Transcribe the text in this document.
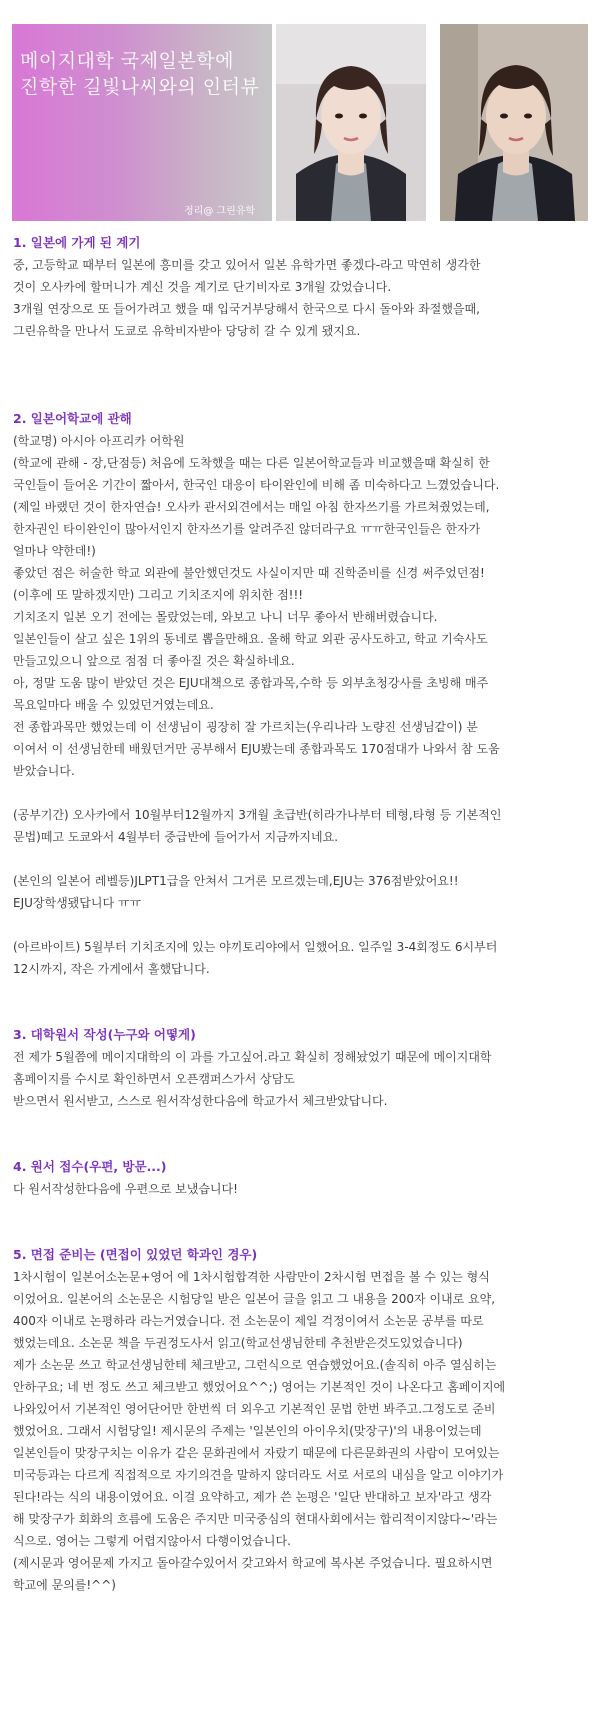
메이지대학 국제일본학에
진학한 길빛나씨와의 인터뷰
정리@ 그린유학
1. 일본에 가게 된 계기
중, 고등학교 때부터 일본에 흥미를 갖고 있어서 일본 유학가면 좋겠다-라고 막연히 생각한
것이 오사카에 할머니가 계신 것을 계기로 단기비자로 3개월 갔었습니다.
3개월 연장으로 또 들어가려고 했을 때 입국거부당해서 한국으로 다시 돌아와 좌절했을때,
그린유학을 만나서 도쿄로 유학비자받아 당당히 갈 수 있게 됐지요.
2. 일본어학교에 관해
(학교명) 아시아 아프리카 어학원
(학교에 관해 - 장,단점등) 처음에 도착했을 때는 다른 일본어학교들과 비교했을때 확실히 한
국인들이 들어온 기간이 짧아서, 한국인 대응이 타이완인에 비해 좀 미숙하다고 느꼈었습니다.
(제일 바랬던 것이 한자연습! 오사카 관서외견에서는 매일 아침 한자쓰기를 가르쳐줬었는데,
한자권인 타이완인이 많아서인지 한자쓰기를 알려주진 않더라구요 ㅠㅠ한국인들은 한자가
얼마나 약한데!)
좋았던 점은 허술한 학교 외관에 불안했던것도 사실이지만 때 진학준비를 신경 써주었던점!
(이후에 또 말하겠지만) 그리고 기치조지에 위치한 점!!!
기치조지 일본 오기 전에는 몰랐었는데, 와보고 나니 너무 좋아서 반해버렸습니다.
일본인들이 살고 싶은 1위의 동네로 뽑을만해요. 올해 학교 외관 공사도하고, 학교 기숙사도
만들고있으니 앞으로 점점 더 좋아질 것은 확실하네요.
아, 정말 도움 많이 받았던 것은 EJU대책으로 종합과목,수학 등 외부초청강사를 초빙해 매주
목요일마다 배울 수 있었던거였는데요.
전 종합과목만 했었는데 이 선생님이 굉장히 잘 가르치는(우리나라 노량진 선생님같이) 분
이여서 이 선생님한테 배웠던거만 공부해서 EJU봤는데 종합과목도 170점대가 나와서 참 도움
받았습니다.
(공부기간) 오사카에서 10월부터12월까지 3개월 초급반(히라가나부터 테형,타형 등 기본적인
문법)떼고 도쿄와서 4월부터 중급반에 들어가서 지금까지네요.
(본인의 일본어 레벨등)JLPT1급을 안쳐서 그거론 모르겠는데,EJU는 376점받았어요!!
EJU장학생됐답니다 ㅠㅠ
(아르바이트) 5월부터 기치조지에 있는 야끼토리야에서 일했어요. 일주일 3-4회정도 6시부터
12시까지, 작은 가게에서 홀했답니다.
3. 대학원서 작성(누구와 어떻게)
전 제가 5월쯤에 메이지대학의 이 과를 가고싶어.라고 확실히 정해놨었기 때문에 메이지대학
홈페이지를 수시로 확인하면서 오픈캠퍼스가서 상담도
받으면서 원서받고, 스스로 원서작성한다음에 학교가서 체크받았답니다.
4. 원서 접수(우편, 방문...)
다 원서작성한다음에 우편으로 보냈습니다!
5. 면접 준비는 (면접이 있었던 학과인 경우)
1차시험이 일본어소논문+영어 에 1차시험합격한 사람만이 2차시험 면접을 볼 수 있는 형식
이었어요. 일본어의 소논문은 시험당일 받은 일본어 글을 읽고 그 내용을 200자 이내로 요약,
400자 이내로 논평하라 라는거였습니다. 전 소논문이 제일 걱정이여서 소논문 공부를 따로
했었는데요. 소논문 책을 두권정도사서 읽고(학교선생님한테 추천받은것도있었습니다)
제가 소논문 쓰고 학교선생님한테 체크받고, 그런식으로 연습했었어요.(솔직히 아주 열심히는
안하구요; 네 번 정도 쓰고 체크받고 했었어요^^;) 영어는 기본적인 것이 나온다고 홈페이지에
나와있어서 기본적인 영어단어만 한번씩 더 외우고 기본적인 문법 한번 봐주고.그정도로 준비
했었어요. 그래서 시험당일! 제시문의 주제는 '일본인의 아이우치(맞장구)'의 내용이었는데
일본인들이 맞장구치는 이유가 같은 문화권에서 자랐기 때문에 다른문화권의 사람이 모여있는
미국등과는 다르게 직접적으로 자기의견을 말하지 않더라도 서로 서로의 내심을 알고 이야기가
된다!라는 식의 내용이였어요. 이걸 요약하고, 제가 쓴 논평은 '일단 반대하고 보자'라고 생각
해 맞장구가 회화의 흐름에 도움은 주지만 미국중심의 현대사회에서는 합리적이지않다~'라는
식으로. 영어는 그렇게 어렵지않아서 다행이었습니다.
(제시문과 영어문제 가지고 돌아갈수있어서 갖고와서 학교에 복사본 주었습니다. 필요하시면
학교에 문의를!^^)
